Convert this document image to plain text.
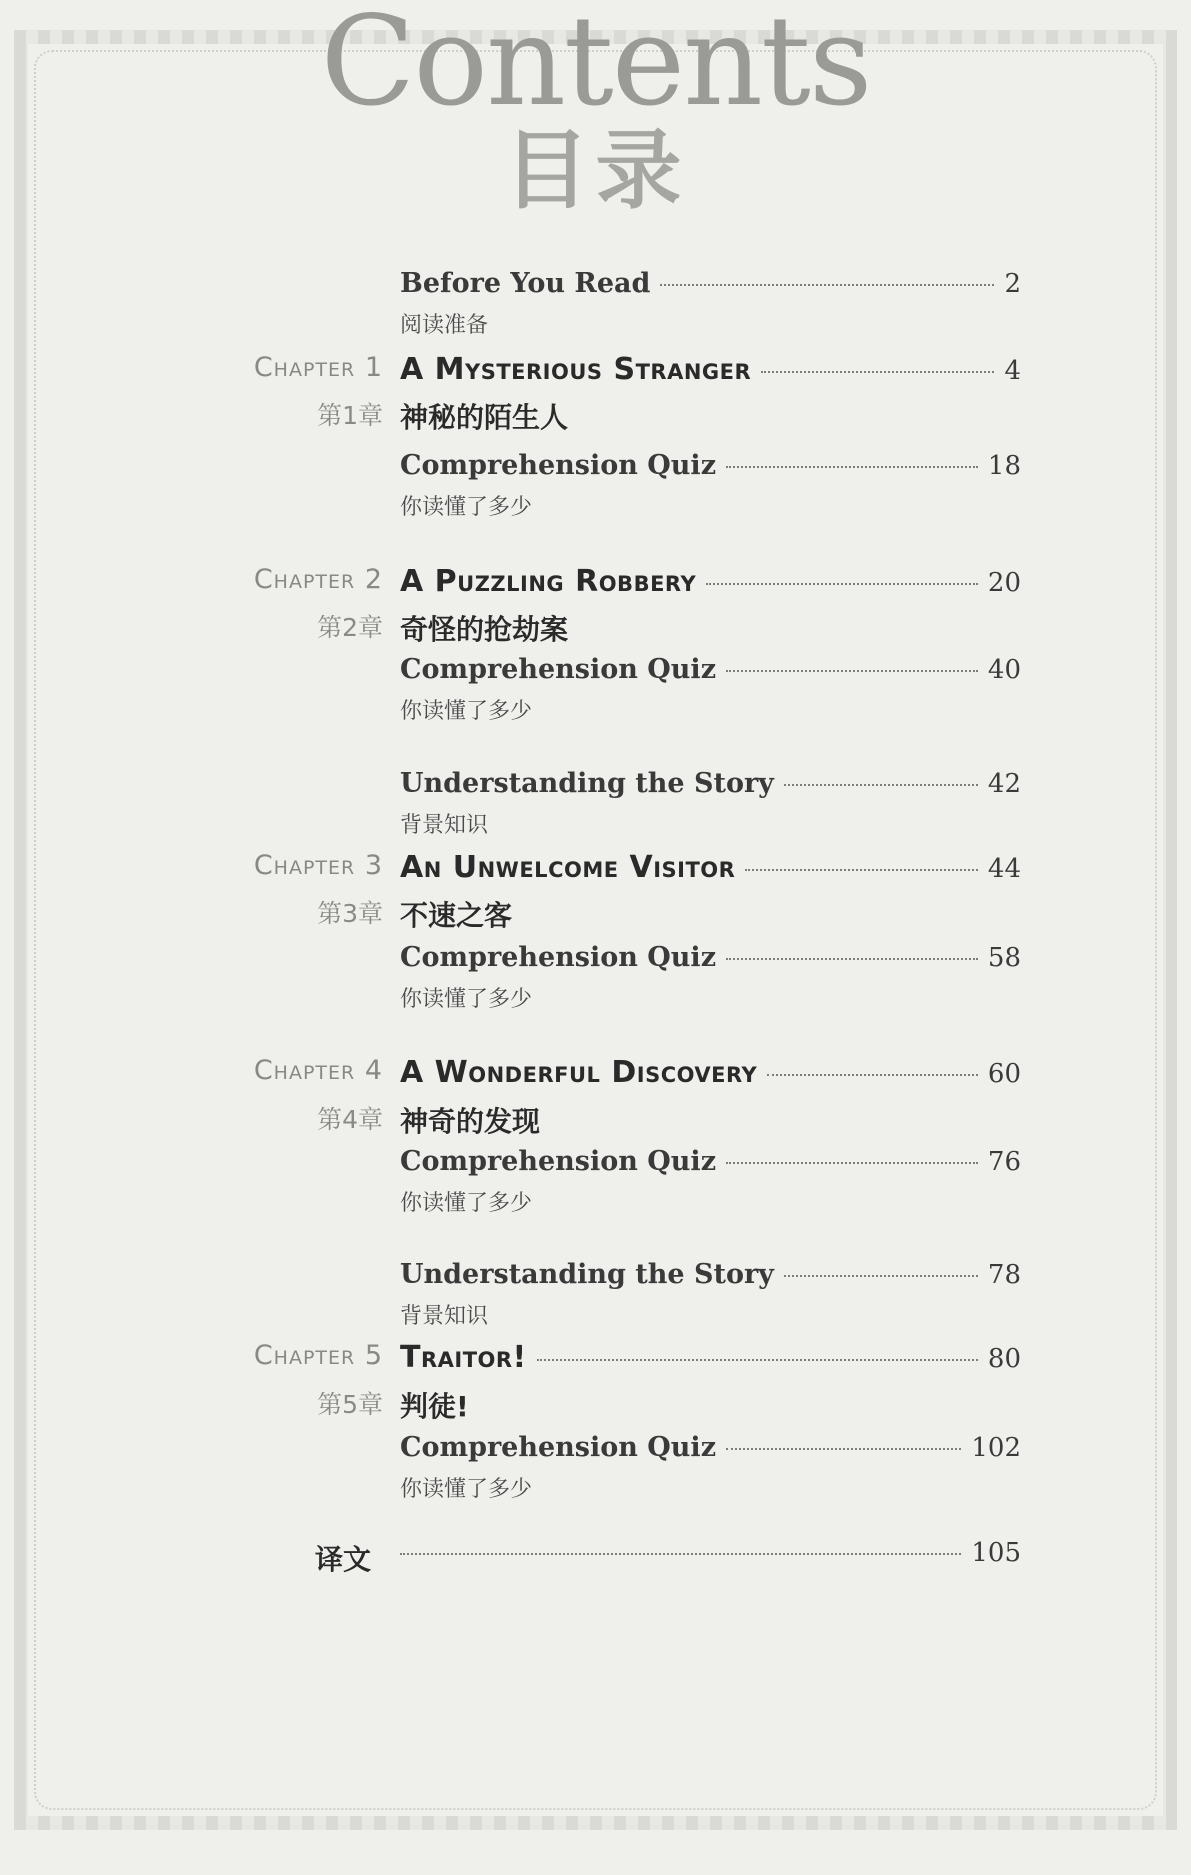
Contents
目录
Before You Read	2
阅读准备
Chapter 1 A Mysterious Stranger	4
第1章 神秘的陌生人
Comprehension Quiz	18
你读懂了多少
Chapter 2 A Puzzling Robbery	20
第2章 奇怪的抢劫案
Comprehension Quiz	40
你读懂了多少
Understanding the Story	42
背景知识
Chapter 3 An Unwelcome Visitor	44
第3章 不速之客
Comprehension Quiz	58
你读懂了多少
Chapter 4 A Wonderful Discovery	60
第4章 神奇的发现
Comprehension Quiz	76
你读懂了多少
Understanding the Story	78
背景知识
Chapter 5 Traitor!	80
第5章 判徒!
Comprehension Quiz	102
你读懂了多少
译文	105
